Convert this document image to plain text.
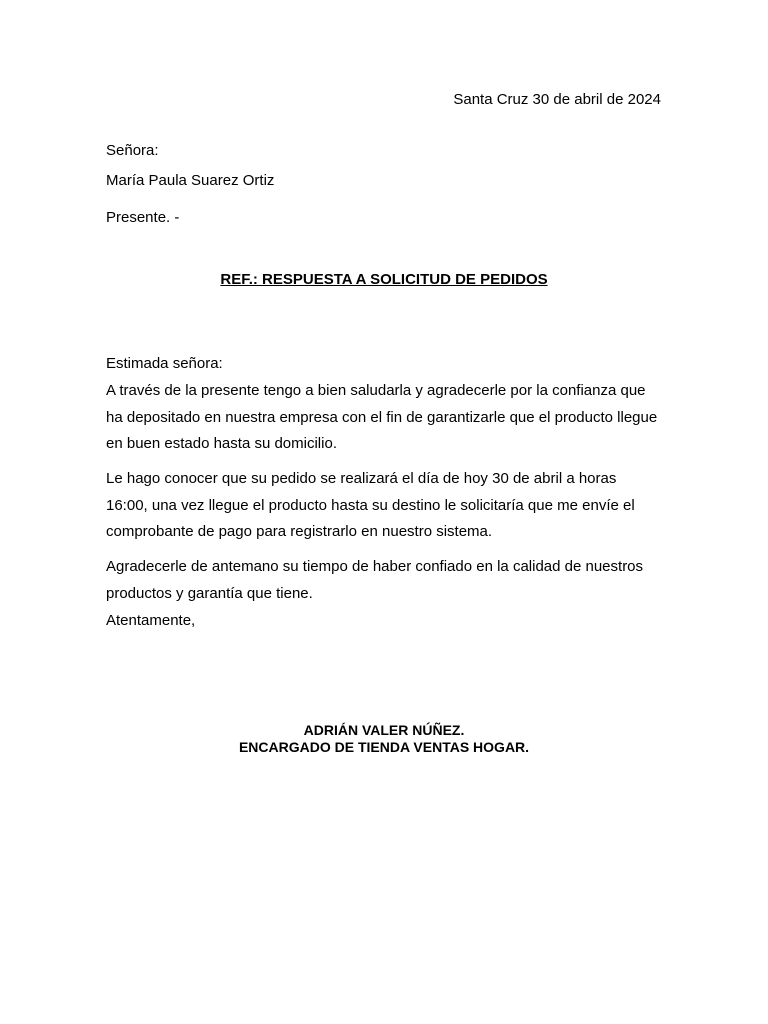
Santa Cruz 30 de abril de 2024
Señora:
María Paula Suarez Ortiz
Presente. -
REF.: RESPUESTA A SOLICITUD DE PEDIDOS
Estimada señora:
A través de la presente tengo a bien saludarla y agradecerle por la confianza que
ha depositado en nuestra empresa con el fin de garantizarle que el producto llegue
en buen estado hasta su domicilio.
Le hago conocer que su pedido se realizará el día de hoy 30 de abril a horas
16:00, una vez llegue el producto hasta su destino le solicitaría que me envíe el
comprobante de pago para registrarlo en nuestro sistema.
Agradecerle de antemano su tiempo de haber confiado en la calidad de nuestros
productos y garantía que tiene.
Atentamente,
ADRIÁN VALER NÚÑEZ.
ENCARGADO DE TIENDA VENTAS HOGAR.
